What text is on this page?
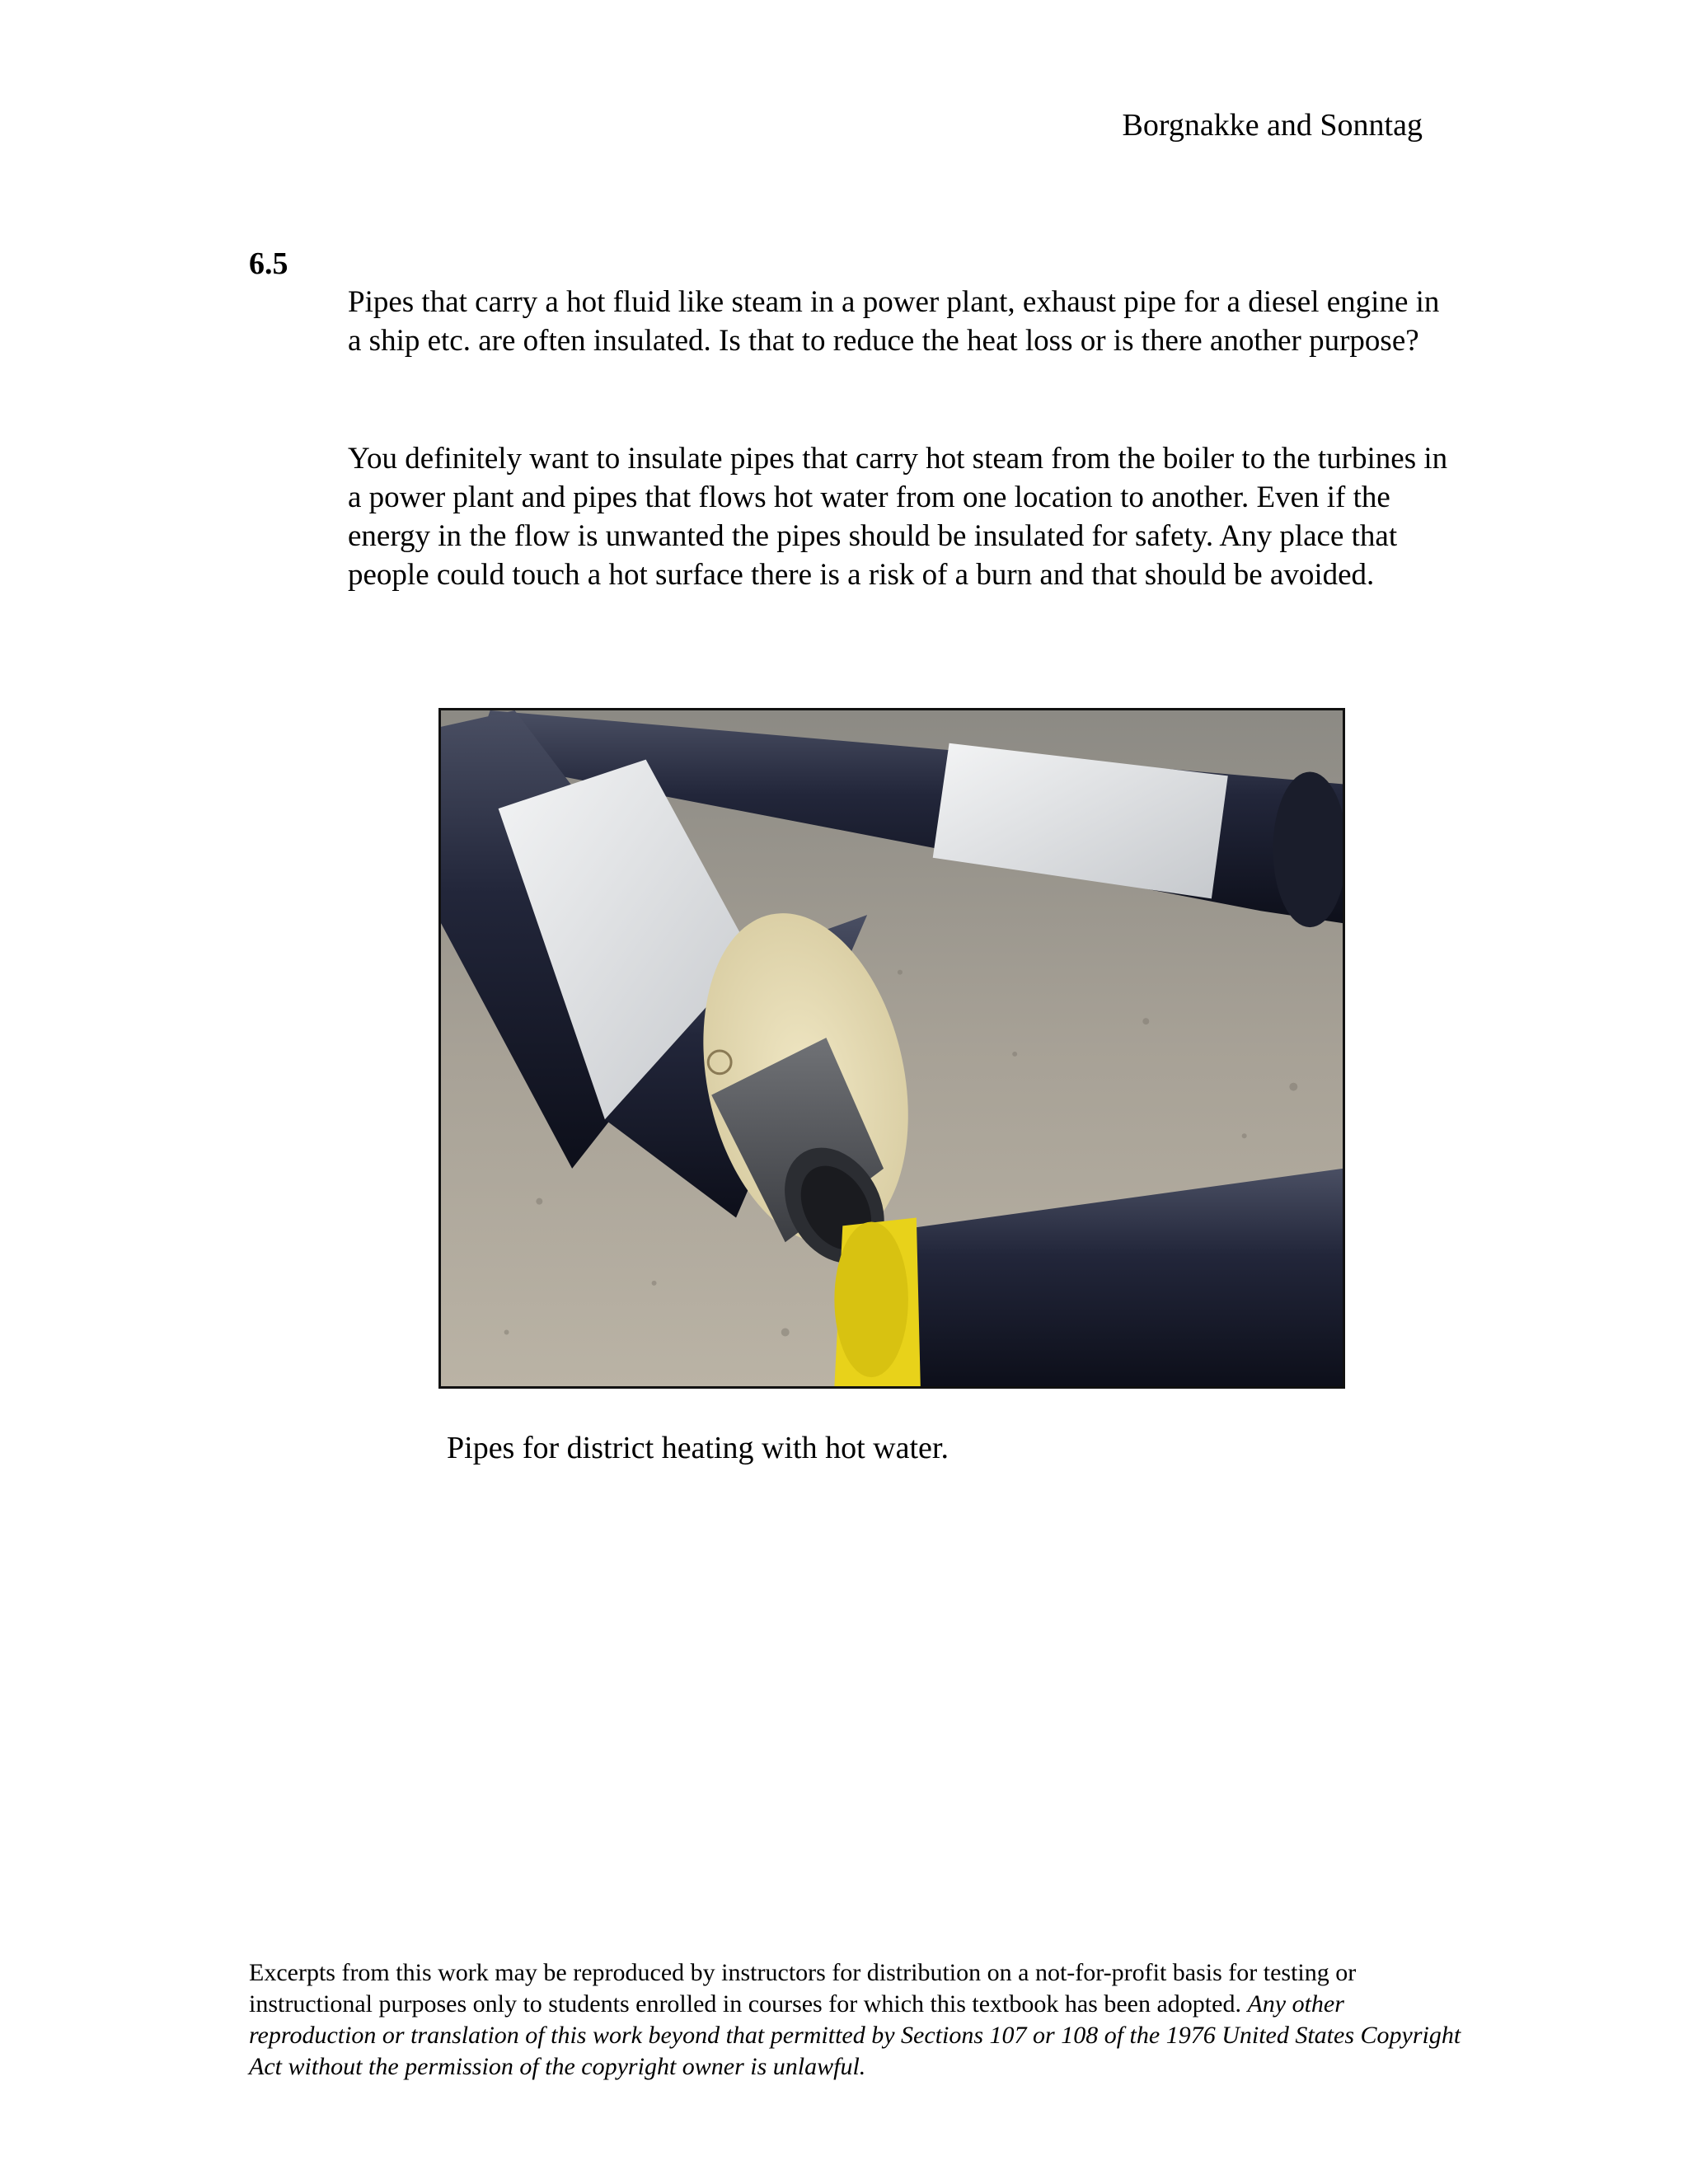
Borgnakke and Sonntag
6.5

Pipes that carry a hot fluid like steam in a power plant, exhaust pipe for a diesel engine in a ship etc. are often insulated. Is that to reduce the heat loss or is there another purpose?

You definitely want to insulate pipes that carry hot steam from the boiler to the turbines in a power plant and pipes that flows hot water from one location to another. Even if the energy in the flow is unwanted the pipes should be insulated for safety. Any place that people could touch a hot surface there is a risk of a burn and that should be avoided.

Pipes for district heating with hot water.

Excerpts from this work may be reproduced by instructors for distribution on a not-for-profit basis for testing or instructional purposes only to students enrolled in courses for which this textbook has been adopted. Any other reproduction or translation of this work beyond that permitted by Sections 107 or 108 of the 1976 United States Copyright Act without the permission of the copyright owner is unlawful.
